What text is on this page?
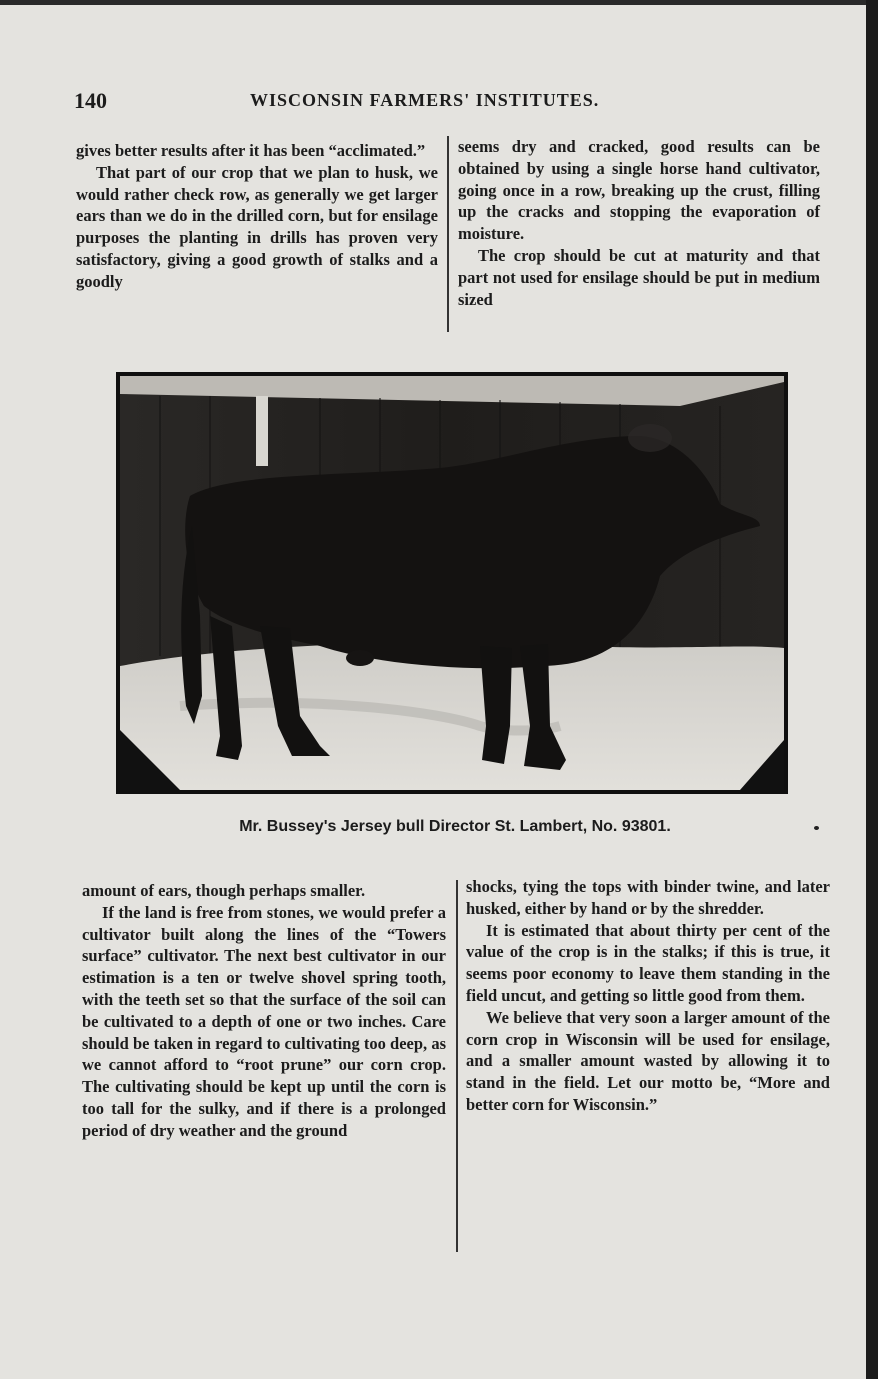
140	WISCONSIN FARMERS' INSTITUTES.

gives better results after it has been “acclimated.”

That part of our crop that we plan to husk, we would rather check row, as generally we get larger ears than we do in the drilled corn, but for ensilage purposes the planting in drills has proven very satisfactory, giving a good growth of stalks and a goodly

seems dry and cracked, good results can be obtained by using a single horse hand cultivator, going once in a row, breaking up the crust, filling up the cracks and stopping the evaporation of moisture.

The crop should be cut at maturity and that part not used for ensilage should be put in medium sized

Mr. Bussey's Jersey bull Director St. Lambert, No. 93801.

amount of ears, though perhaps smaller.

If the land is free from stones, we would prefer a cultivator built along the lines of the “Towers surface” cultivator. The next best cultivator in our estimation is a ten or twelve shovel spring tooth, with the teeth set so that the surface of the soil can be cultivated to a depth of one or two inches. Care should be taken in regard to cultivating too deep, as we cannot afford to “root prune” our corn crop. The cultivating should be kept up until the corn is too tall for the sulky, and if there is a prolonged period of dry weather and the ground

shocks, tying the tops with binder twine, and later husked, either by hand or by the shredder.

It is estimated that about thirty per cent of the value of the crop is in the stalks; if this is true, it seems poor economy to leave them standing in the field uncut, and getting so little good from them.

We believe that very soon a larger amount of the corn crop in Wisconsin will be used for ensilage, and a smaller amount wasted by allowing it to stand in the field. Let our motto be, “More and better corn for Wisconsin.”
